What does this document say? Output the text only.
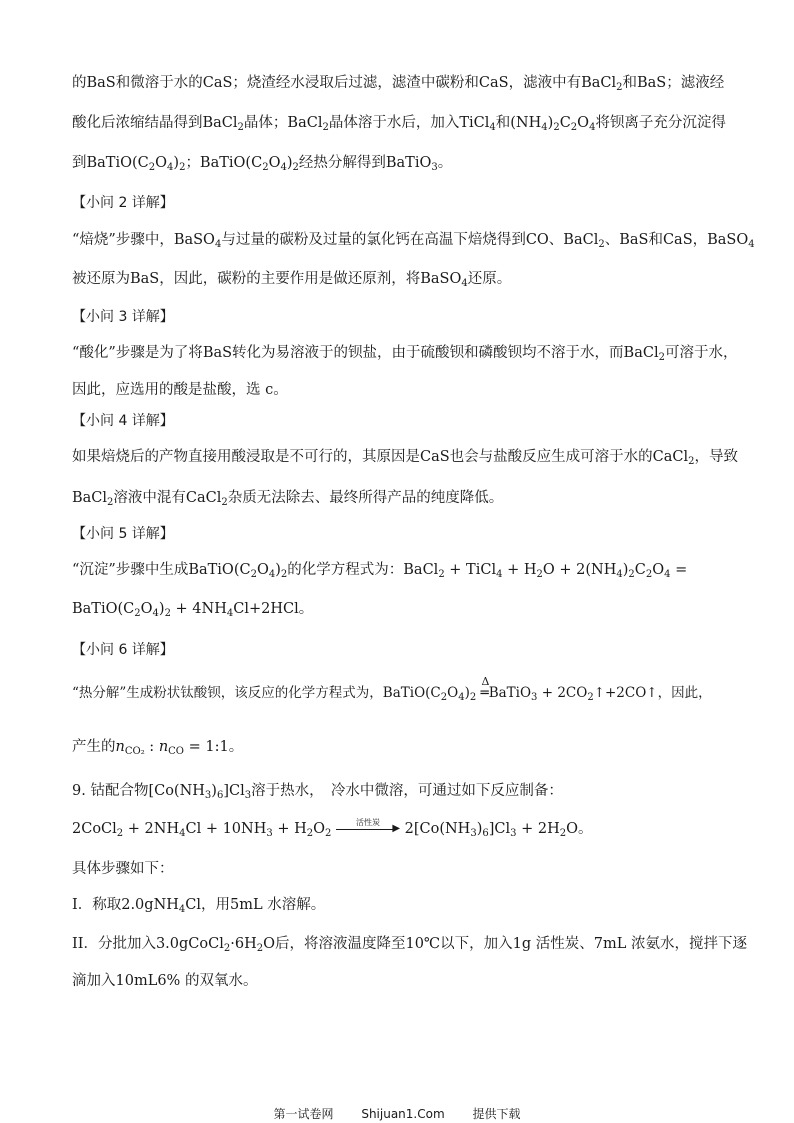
的BaS和微溶于水的CaS；烧渣经水浸取后过滤，滤渣中碳粉和CaS，滤液中有BaCl$_2$和BaS；滤液经
酸化后浓缩结晶得到BaCl$_2$晶体；BaCl$_2$晶体溶于水后，加入TiCl$_4$和$(NH_4)_2C_2O_4$将钡离子充分沉淀得
到$BaTiO(C_2O_4)_2$；$BaTiO(C_2O_4)_2$经热分解得到BaTiO$_3$。
【小问 2 详解】
“焙烧”步骤中，BaSO$_4$与过量的碳粉及过量的氯化钙在高温下焙烧得到CO、BaCl$_2$、BaS和CaS，BaSO$_4$
被还原为BaS，因此，碳粉的主要作用是做还原剂，将BaSO$_4$还原。
【小问 3 详解】
“酸化”步骤是为了将BaS转化为易溶液于的钡盐，由于硫酸钡和磷酸钡均不溶于水，而BaCl$_2$可溶于水，
因此，应选用的酸是盐酸，选 c。
【小问 4 详解】
如果焙烧后的产物直接用酸浸取是不可行的，其原因是CaS也会与盐酸反应生成可溶于水的CaCl$_2$，导致
BaCl$_2$溶液中混有CaCl$_2$杂质无法除去、最终所得产品的纯度降低。
【小问 5 详解】
“沉淀”步骤中生成$BaTiO(C_2O_4)_2$的化学方程式为：BaCl$_2$ + TiCl$_4$ + $H_2O + 2(NH_4)_2C_2O_4$ =
$BaTiO(C_2O_4)_2 + 4NH_4Cl+2HCl$。
【小问 6 详解】
“热分解”生成粉状钛酸钡，该反应的化学方程式为，$BaTiO(C_2O_4)_2$
Δ
═BaTiO$_3$ + $2CO_2↑+2CO↑$，因此，
产生的$n_{CO_2}$ : $n_{CO}$ = 1:1。
9. 钴配合物$[Co(NH_3)_6]Cl_3$溶于热水，　冷水中微溶，可通过如下反应制备：
2CoCl$_2$ + $2NH_4Cl + 10NH_3 + H_2O_2$
活性炭
▶ $2[Co(NH_3)_6]Cl_3 + 2H_2O$。
具体步骤如下：
I．称取2.0gNH$_4$Cl，用5mL 水溶解。
II．分批加入$3.0gCoCl_2\cdot 6H_2O$后，将溶液温度降至10℃以下，加入1g 活性炭、7mL 浓氨水，搅拌下逐
滴加入10mL6% 的双氧水。
第一试卷网 Shijuan1.Com 提供下载
